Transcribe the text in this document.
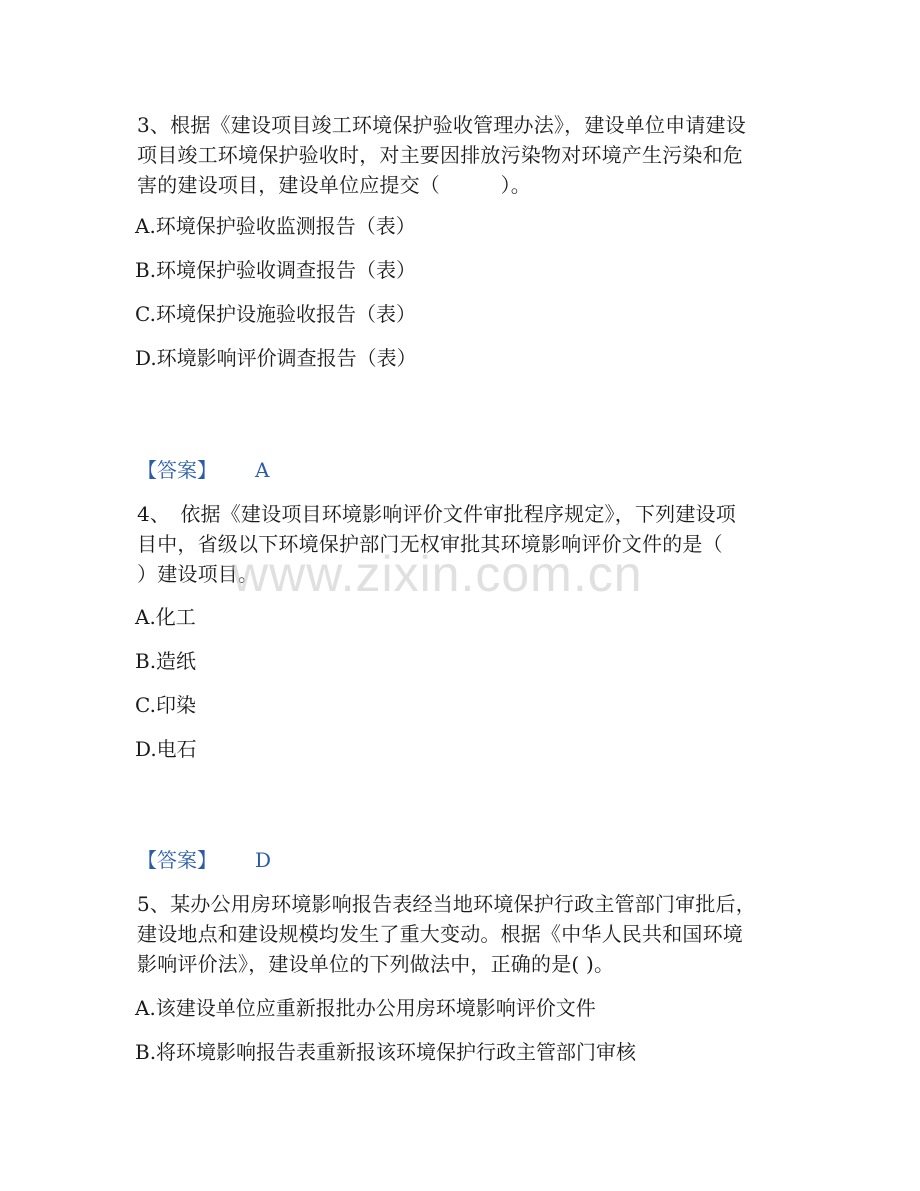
3、根据《建设项目竣工环境保护验收管理办法》，建设单位申请建设
项目竣工环境保护验收时，对主要因排放污染物对环境产生污染和危
害的建设项目，建设单位应提交（　　　）。
A.环境保护验收监测报告（表）
B.环境保护验收调查报告（表）
C.环境保护设施验收报告（表）
D.环境影响评价调查报告（表）
【答案】 A
4、　依据《建设项目环境影响评价文件审批程序规定》，下列建设项
目中，省级以下环境保护部门无权审批其环境影响评价文件的是（
）建设项目。
A.化工
B.造纸
C.印染
D.电石
【答案】 D
5、某办公用房环境影响报告表经当地环境保护行政主管部门审批后，
建设地点和建设规模均发生了重大变动。根据《中华人民共和国环境
影响评价法》，建设单位的下列做法中，正确的是( )。
A.该建设单位应重新报批办公用房环境影响评价文件
B.将环境影响报告表重新报该环境保护行政主管部门审核
www.zixin.com.cn
